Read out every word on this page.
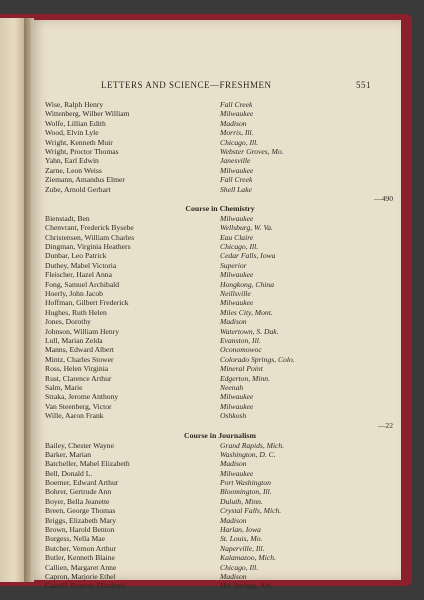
LETTERS AND SCIENCE—FRESHMEN	551
Wise, Ralph Henry	Fall Creek
Wittenberg, Wilber William	Milwaukee
Wolfe, Lillian Edith	Madison
Wood, Elvin Lyle	Morris, Ill.
Wright, Kenneth Muir	Chicago, Ill.
Wright, Proctor Thomas	Webster Groves, Mo.
Yahn, Earl Edwin	Janesville
Zarne, Leon Weiss	Milwaukee
Ziemann, Amandus Elmer	Fall Creek
Zube, Arnold Gerhart	Shell Lake
—490
Course in Chemistry
Bienstadt, Ben	Milwaukee
Chenvrant, Frederick Bysebe	Wellsburg, W. Va.
Christensen, William Charles	Eau Claire
Dingman, Virginia Heathers	Chicago, Ill.
Dunbar, Leo Patrick	Cedar Falls, Iowa
Duthey, Mabel Victoria	Superior
Fleischer, Hazel Anna	Milwaukee
Fong, Samuel Archibald	Hongkong, China
Hoerly, John Jacob	Neillsville
Hoffman, Gilbert Frederick	Milwaukee
Hughes, Ruth Helen	Miles City, Mont.
Jones, Dorothy	Madison
Johnson, William Henry	Watertown, S. Dak.
Lull, Marian Zelda	Evanston, Ill.
Manns, Edward Albert	Oconomowoc
Mintz, Charles Stower	Colorado Springs, Colo.
Ross, Helen Virginia	Mineral Point
Rust, Clarence Arthur	Edgerton, Minn.
Salm, Marie	Neenah
Straka, Jerome Anthony	Milwaukee
Van Steenberg, Victor	Milwaukee
Wille, Aaron Frank	Oshkosh
—22
Course in Journalism
Bailey, Chester Wayne	Grand Rapids, Mich.
Barker, Marian	Washington, D. C.
Batcheller, Mabel Elizabeth	Madison
Bell, Donald L.	Milwaukee
Boerner, Edward Arthur	Port Washington
Bohrer, Gertrude Ann	Bloomington, Ill.
Boyer, Bella Jeanette	Duluth, Minn.
Breen, George Thomas	Crystal Falls, Mich.
Briggs, Elizabeth Mary	Madison
Brown, Harold Benton	Harlan, Iowa
Burgess, Nella Mae	St. Louis, Mo.
Butcher, Vernon Arthur	Naperville, Ill.
Butler, Kenneth Blaine	Kalamazoo, Mich.
Callien, Margaret Anne	Chicago, Ill.
Capron, Marjorie Ethel	Madison
Cassell, Frances Elizabeth	Hot Springs, Ark.
